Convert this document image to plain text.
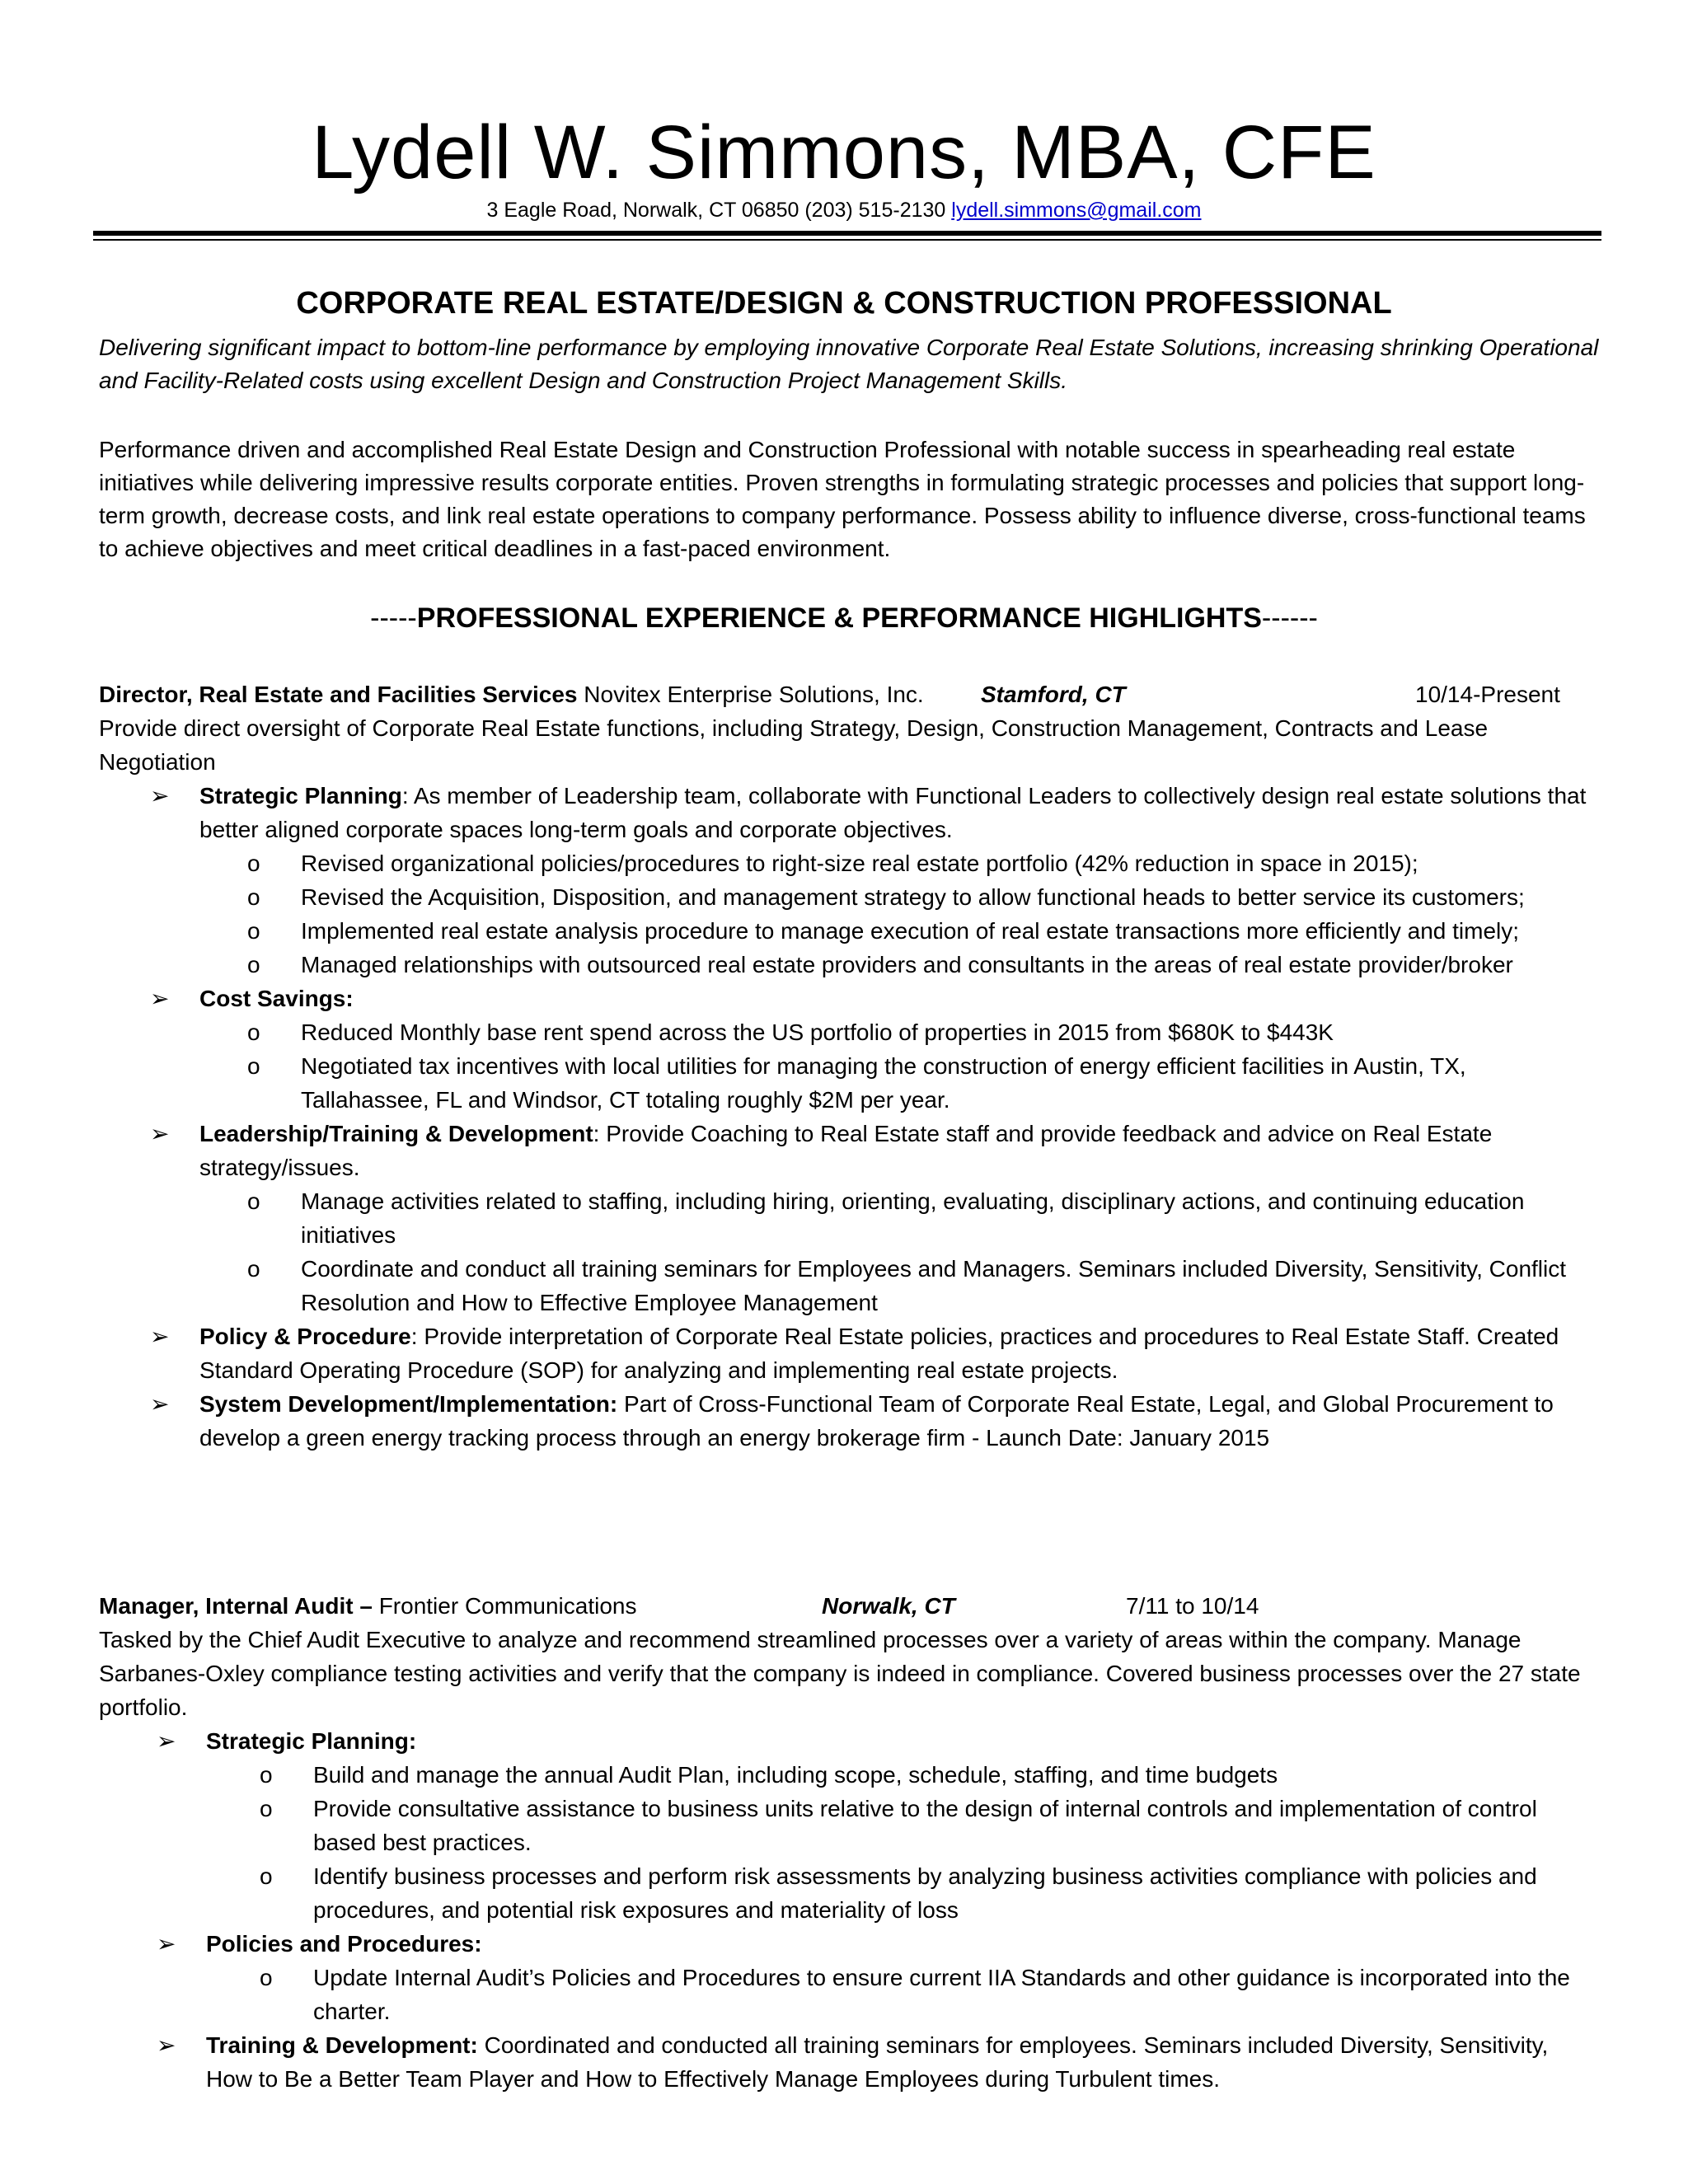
Lydell W. Simmons, MBA, CFE
3 Eagle Road, Norwalk, CT 06850 (203) 515-2130 lydell.simmons@gmail.com
CORPORATE REAL ESTATE/DESIGN & CONSTRUCTION PROFESSIONAL
Delivering significant impact to bottom-line performance by employing innovative Corporate Real Estate Solutions, increasing shrinking Operational and Facility-Related costs using excellent Design and Construction Project Management Skills.
Performance driven and accomplished Real Estate Design and Construction Professional with notable success in spearheading real estate initiatives while delivering impressive results corporate entities. Proven strengths in formulating strategic processes and policies that support long-term growth, decrease costs, and link real estate operations to company performance. Possess ability to influence diverse, cross-functional teams to achieve objectives and meet critical deadlines in a fast-paced environment.
-----PROFESSIONAL EXPERIENCE & PERFORMANCE HIGHLIGHTS------
Director, Real Estate and Facilities Services Novitex Enterprise Solutions, Inc. Stamford, CT	10/14-Present

Provide direct oversight of Corporate Real Estate functions, including Strategy, Design, Construction Management, Contracts and Lease Negotiation

➢ Strategic Planning: As member of Leadership team, collaborate with Functional Leaders to collectively design real estate solutions that better aligned corporate spaces long-term goals and corporate objectives.
o Revised organizational policies/procedures to right-size real estate portfolio (42% reduction in space in 2015);
o Revised the Acquisition, Disposition, and management strategy to allow functional heads to better service its customers;
o Implemented real estate analysis procedure to manage execution of real estate transactions more efficiently and timely;
o Managed relationships with outsourced real estate providers and consultants in the areas of real estate provider/broker
➢ Cost Savings:
o Reduced Monthly base rent spend across the US portfolio of properties in 2015 from $680K to $443K
o Negotiated tax incentives with local utilities for managing the construction of energy efficient facilities in Austin, TX, Tallahassee, FL and Windsor, CT totaling roughly $2M per year.
➢ Leadership/Training & Development: Provide Coaching to Real Estate staff and provide feedback and advice on Real Estate strategy/issues.
o Manage activities related to staffing, including hiring, orienting, evaluating, disciplinary actions, and continuing education initiatives
o Coordinate and conduct all training seminars for Employees and Managers. Seminars included Diversity, Sensitivity, Conflict Resolution and How to Effective Employee Management
➢ Policy & Procedure: Provide interpretation of Corporate Real Estate policies, practices and procedures to Real Estate Staff. Created Standard Operating Procedure (SOP) for analyzing and implementing real estate projects.
➢ System Development/Implementation: Part of Cross-Functional Team of Corporate Real Estate, Legal, and Global Procurement to develop a green energy tracking process through an energy brokerage firm - Launch Date: January 2015
Manager, Internal Audit – Frontier Communications	Norwalk, CT	7/11 to 10/14

Tasked by the Chief Audit Executive to analyze and recommend streamlined processes over a variety of areas within the company. Manage Sarbanes-Oxley compliance testing activities and verify that the company is indeed in compliance. Covered business processes over the 27 state portfolio.

➢ Strategic Planning:
o Build and manage the annual Audit Plan, including scope, schedule, staffing, and time budgets
o Provide consultative assistance to business units relative to the design of internal controls and implementation of control based best practices.
o Identify business processes and perform risk assessments by analyzing business activities compliance with policies and procedures, and potential risk exposures and materiality of loss
➢ Policies and Procedures:
o Update Internal Audit’s Policies and Procedures to ensure current IIA Standards and other guidance is incorporated into the charter.
➢ Training & Development: Coordinated and conducted all training seminars for employees. Seminars included Diversity, Sensitivity, How to Be a Better Team Player and How to Effectively Manage Employees during Turbulent times.
